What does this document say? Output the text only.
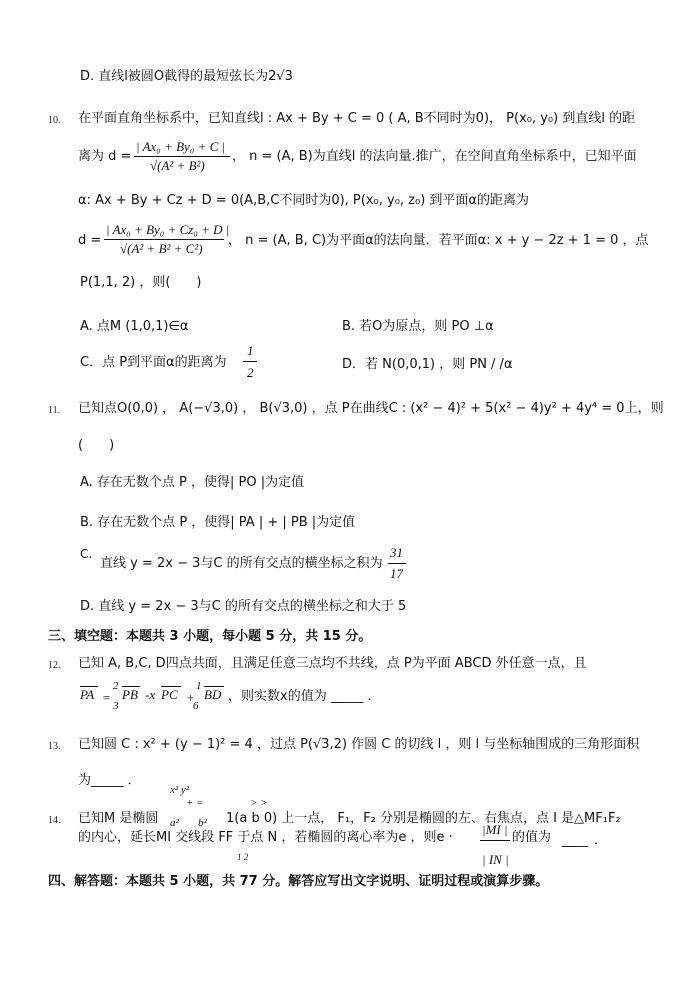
D. 直线l被圆O截得的最短弦长为2√3
10. 在平面直角坐标系中，已知直线l : Ax + By + C = 0 ( A, B不同时为0)， P(x₀, y₀) 到直线l 的距
离为 d =
| Ax₀ + By₀ + C |
√(A² + B²)
， n = (A, B)为直线l 的法向量.推广，在空间直角坐标系中，已知平面
α: Ax + By + Cz + D = 0(A,B,C不同时为0), P(x₀, y₀, z₀) 到平面α的距离为
d =
| Ax₀ + By₀ + Cz₀ + D |
√(A² + B² + C²)
， n = (A, B, C)为平面α的法向量．若平面α: x + y − 2z + 1 = 0 ，点
P(1,1, 2) ，则(　　)
A. 点M (1,0,1)∈α	B. 若O为原点，则 PO ⊥α
C．点 P到平面α的距离为
1
2
D．若 N(0,0,1) ，则 PN / /α
11. 已知点O(0,0) ， A(−√3,0) ， B(√3,0) ，点 P在曲线C : (x² − 4)² + 5(x² − 4)y² + 4y⁴ = 0上，则
(　　)
A. 存在无数个点 P ，使得| PO |为定值
B. 存在无数个点 P ，使得| PA | + | PB |为定值
C.
直线 y = 2x − 3与C 的所有交点的横坐标之积为
31
17
D. 直线 y = 2x − 3与C 的所有交点的横坐标之和大于 5
三、填空题：本题共 3 小题，每小题 5 分，共 15 分。
12. 已知 A, B,C, D四点共面，且满足任意三点均不共线，点 P为平面 ABCD 外任意一点，且
PA =
2
3
PB -x PC +
1
6
BD ，则实数x的值为 _____ ．
13. 已知圆 C : x² + (y − 1)² = 4 ，过点 P(√3,2) 作圆 C 的切线 l ，则 l 与坐标轴围成的三角形面积
为_____ ．
x² y²
+ =	> >
14. 已知M 是椭圆 a² b² 1(a b 0) 上一点， F₁，F₂ 分别是椭圆的左、右焦点，点 I 是△MF₁F₂
的内心，延长MI 交线段 FF 于点 N ，若椭圆的离心率为e ，则e ·
|MI |
| IN |
的值为 ____ ．
1 2
四、解答题：本题共 5 小题，共 77 分。解答应写出文字说明、证明过程或演算步骤。
